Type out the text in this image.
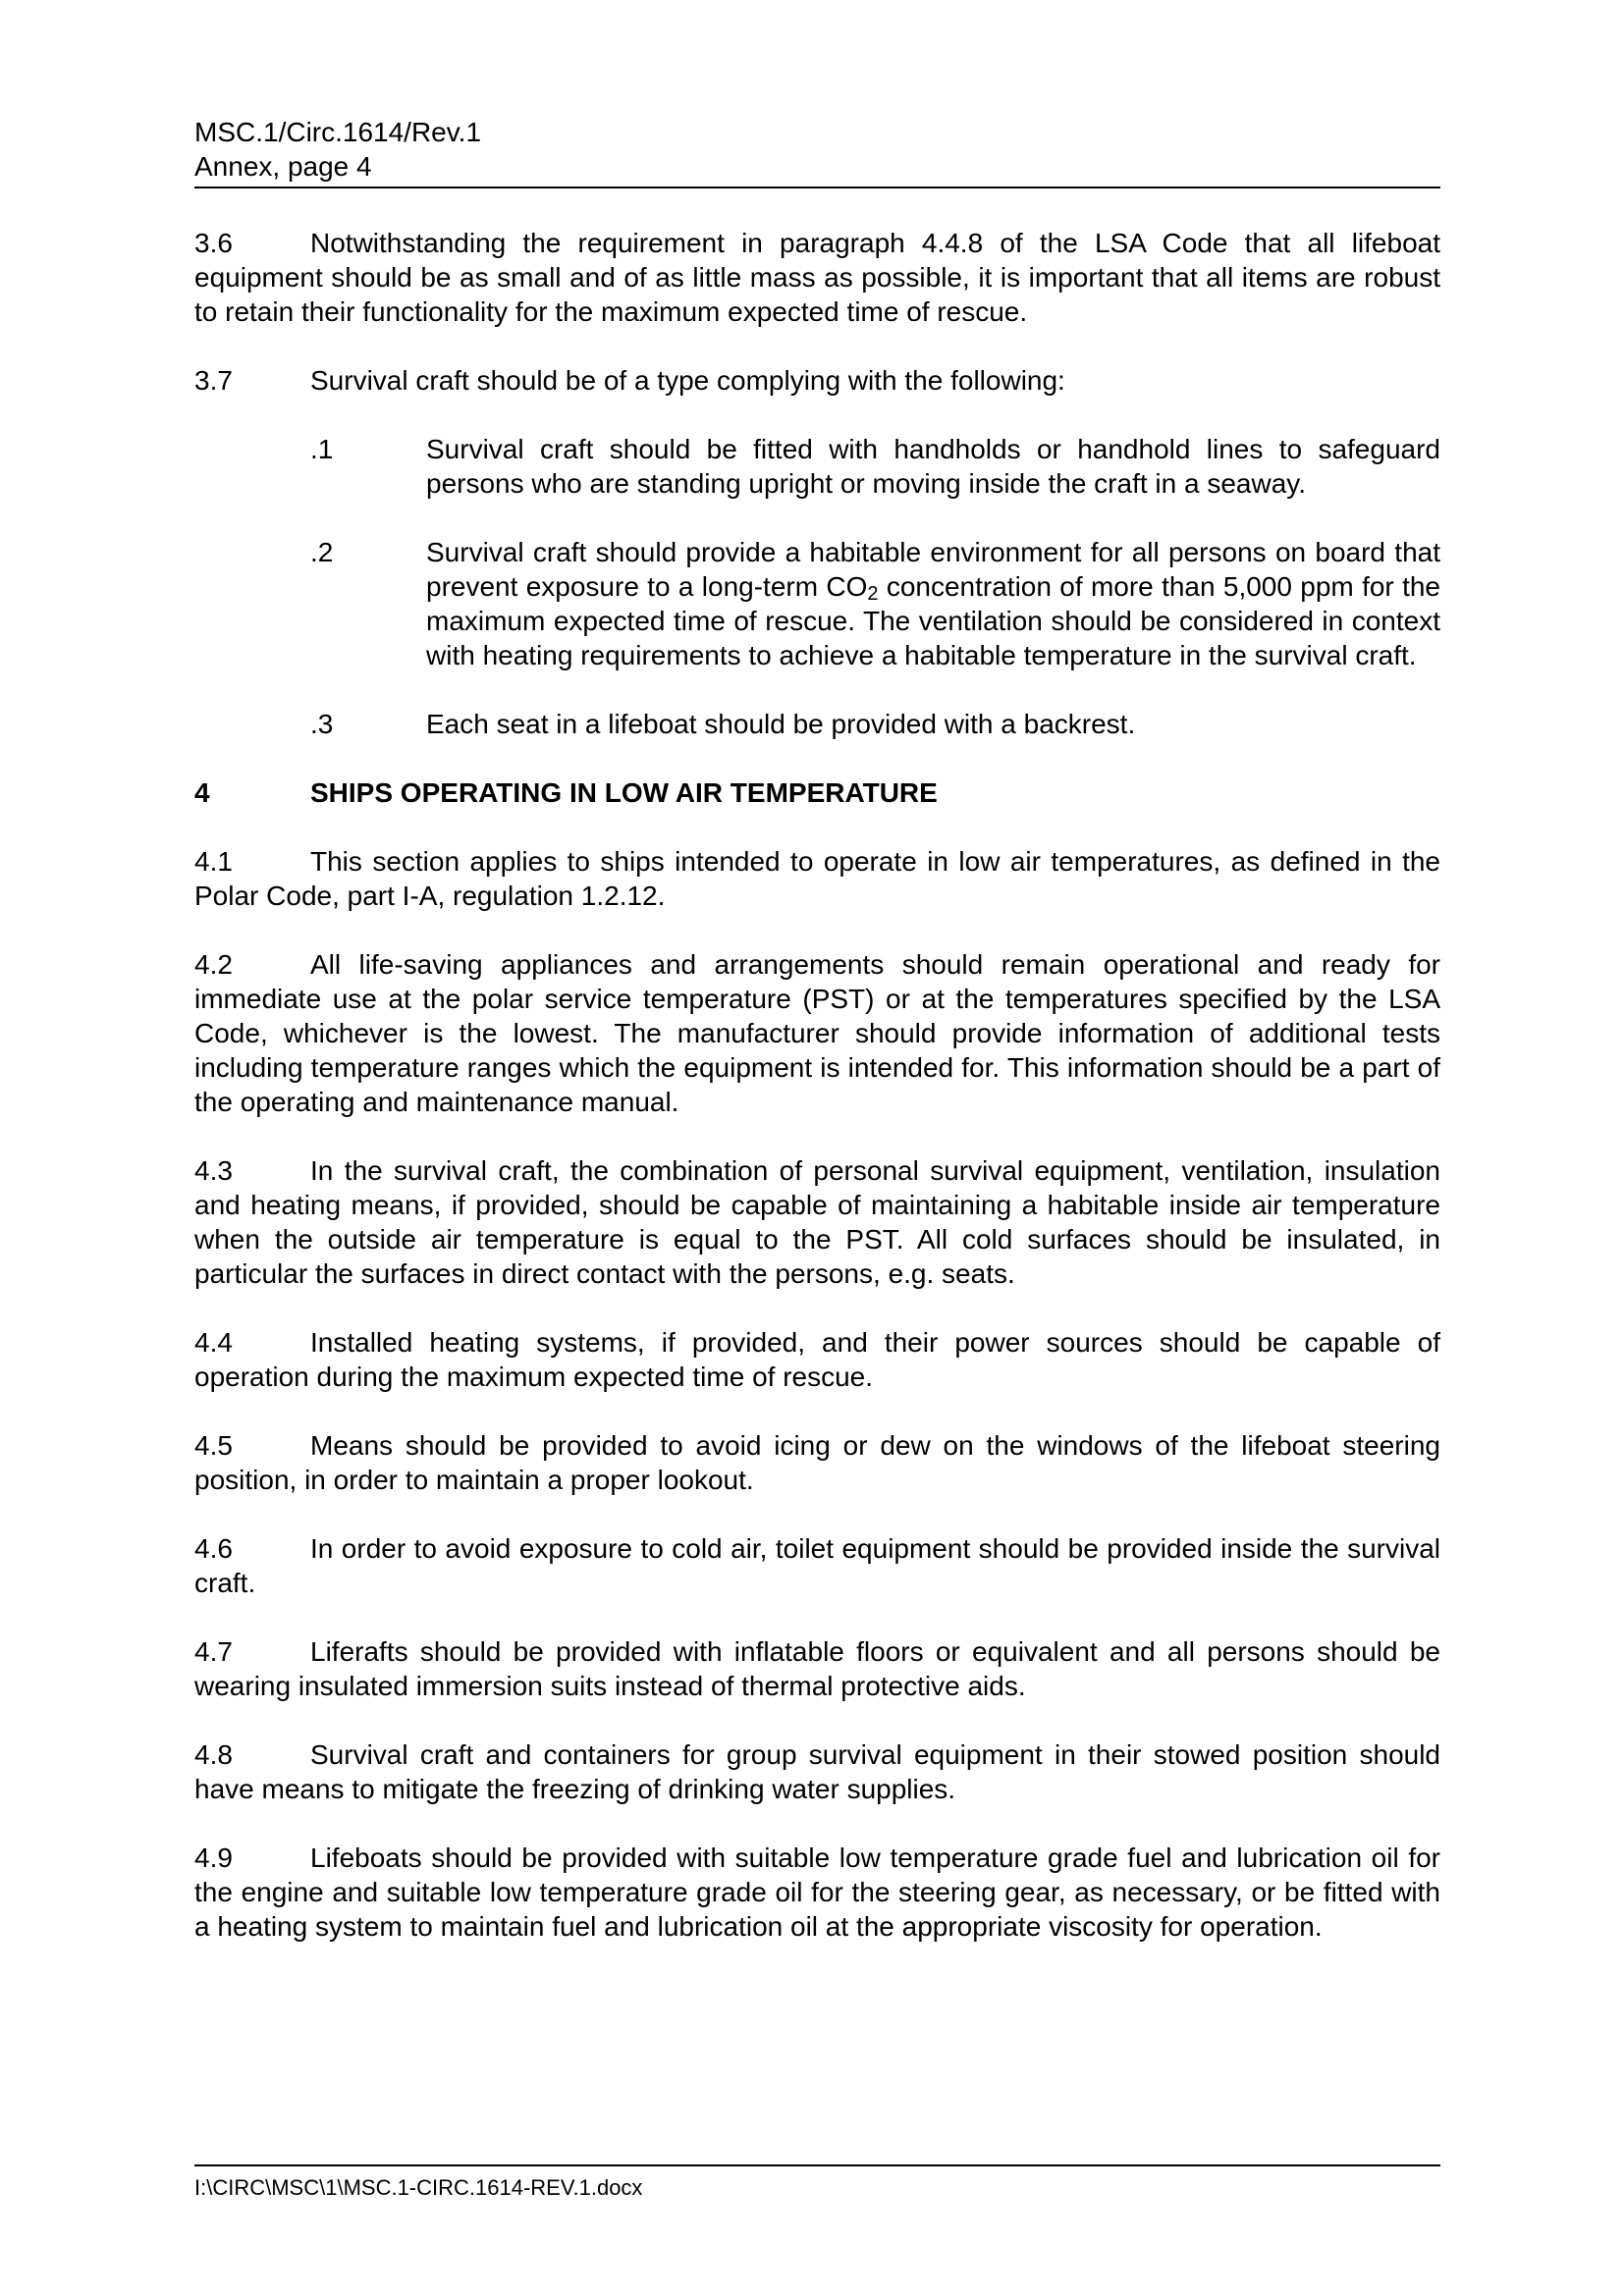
MSC.1/Circ.1614/Rev.1
Annex, page 4

3.6	Notwithstanding the requirement in paragraph 4.4.8 of the LSA Code that all lifeboat equipment should be as small and of as little mass as possible, it is important that all items are robust to retain their functionality for the maximum expected time of rescue.

3.7	Survival craft should be of a type complying with the following:

.1	Survival craft should be fitted with handholds or handhold lines to safeguard persons who are standing upright or moving inside the craft in a seaway.
.2	Survival craft should provide a habitable environment for all persons on board that prevent exposure to a long-term $CO_2$ concentration of more than 5,000 ppm for the maximum expected time of rescue. The ventilation should be considered in context with heating requirements to achieve a habitable temperature in the survival craft.
.3	Each seat in a lifeboat should be provided with a backrest.

4	SHIPS OPERATING IN LOW AIR TEMPERATURE

4.1	This section applies to ships intended to operate in low air temperatures, as defined in the Polar Code, part I-A, regulation 1.2.12.

4.2	All life-saving appliances and arrangements should remain operational and ready for immediate use at the polar service temperature (PST) or at the temperatures specified by the LSA Code, whichever is the lowest. The manufacturer should provide information of additional tests including temperature ranges which the equipment is intended for. This information should be a part of the operating and maintenance manual.

4.3	In the survival craft, the combination of personal survival equipment, ventilation, insulation and heating means, if provided, should be capable of maintaining a habitable inside air temperature when the outside air temperature is equal to the PST. All cold surfaces should be insulated, in particular the surfaces in direct contact with the persons, e.g. seats.

4.4	Installed heating systems, if provided, and their power sources should be capable of operation during the maximum expected time of rescue.

4.5	Means should be provided to avoid icing or dew on the windows of the lifeboat steering position, in order to maintain a proper lookout.

4.6	In order to avoid exposure to cold air, toilet equipment should be provided inside the survival craft.

4.7	Liferafts should be provided with inflatable floors or equivalent and all persons should be wearing insulated immersion suits instead of thermal protective aids.

4.8	Survival craft and containers for group survival equipment in their stowed position should have means to mitigate the freezing of drinking water supplies.

4.9	Lifeboats should be provided with suitable low temperature grade fuel and lubrication oil for the engine and suitable low temperature grade oil for the steering gear, as necessary, or be fitted with a heating system to maintain fuel and lubrication oil at the appropriate viscosity for operation.

I:\CIRC\MSC\1\MSC.1-CIRC.1614-REV.1.docx
